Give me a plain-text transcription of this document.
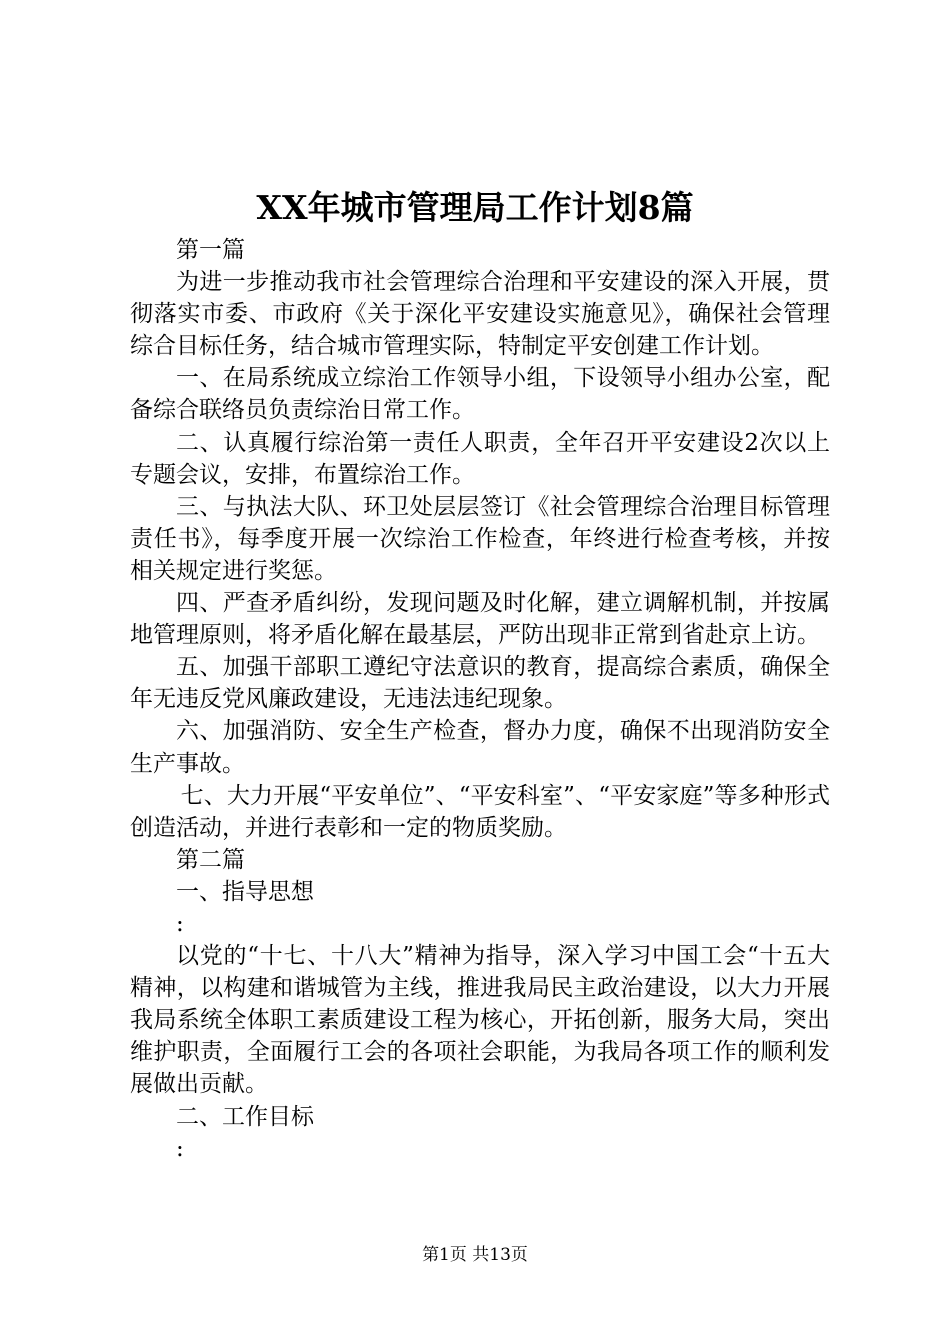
XX年城市管理局工作计划8篇

第一篇

为进一步推动我市社会管理综合治理和平安建设的深入开展，贯彻落实市委、市政府《关于深化平安建设实施意见》，确保社会管理综合目标任务，结合城市管理实际，特制定平安创建工作计划。

一、在局系统成立综治工作领导小组，下设领导小组办公室，配备综合联络员负责综治日常工作。

二、认真履行综治第一责任人职责，全年召开平安建设2次以上专题会议，安排，布置综治工作。

三、与执法大队、环卫处层层签订《社会管理综合治理目标管理责任书》，每季度开展一次综治工作检查，年终进行检查考核，并按相关规定进行奖惩。

四、严查矛盾纠纷，发现问题及时化解，建立调解机制，并按属地管理原则，将矛盾化解在最基层，严防出现非正常到省赴京上访。

五、加强干部职工遵纪守法意识的教育，提高综合素质，确保全年无违反党风廉政建设，无违法违纪现象。

六、加强消防、安全生产检查，督办力度，确保不出现消防安全生产事故。

七、大力开展“平安单位”、“平安科室”、“平安家庭”等多种形式创造活动，并进行表彰和一定的物质奖励。

第二篇

一、指导思想

:

以党的“十七、十八大”精神为指导，深入学习中国工会“十五大精神，以构建和谐城管为主线，推进我局民主政治建设，以大力开展我局系统全体职工素质建设工程为核心，开拓创新，服务大局，突出维护职责，全面履行工会的各项社会职能，为我局各项工作的顺利发展做出贡献。

二、工作目标

:

第1页 共13页
